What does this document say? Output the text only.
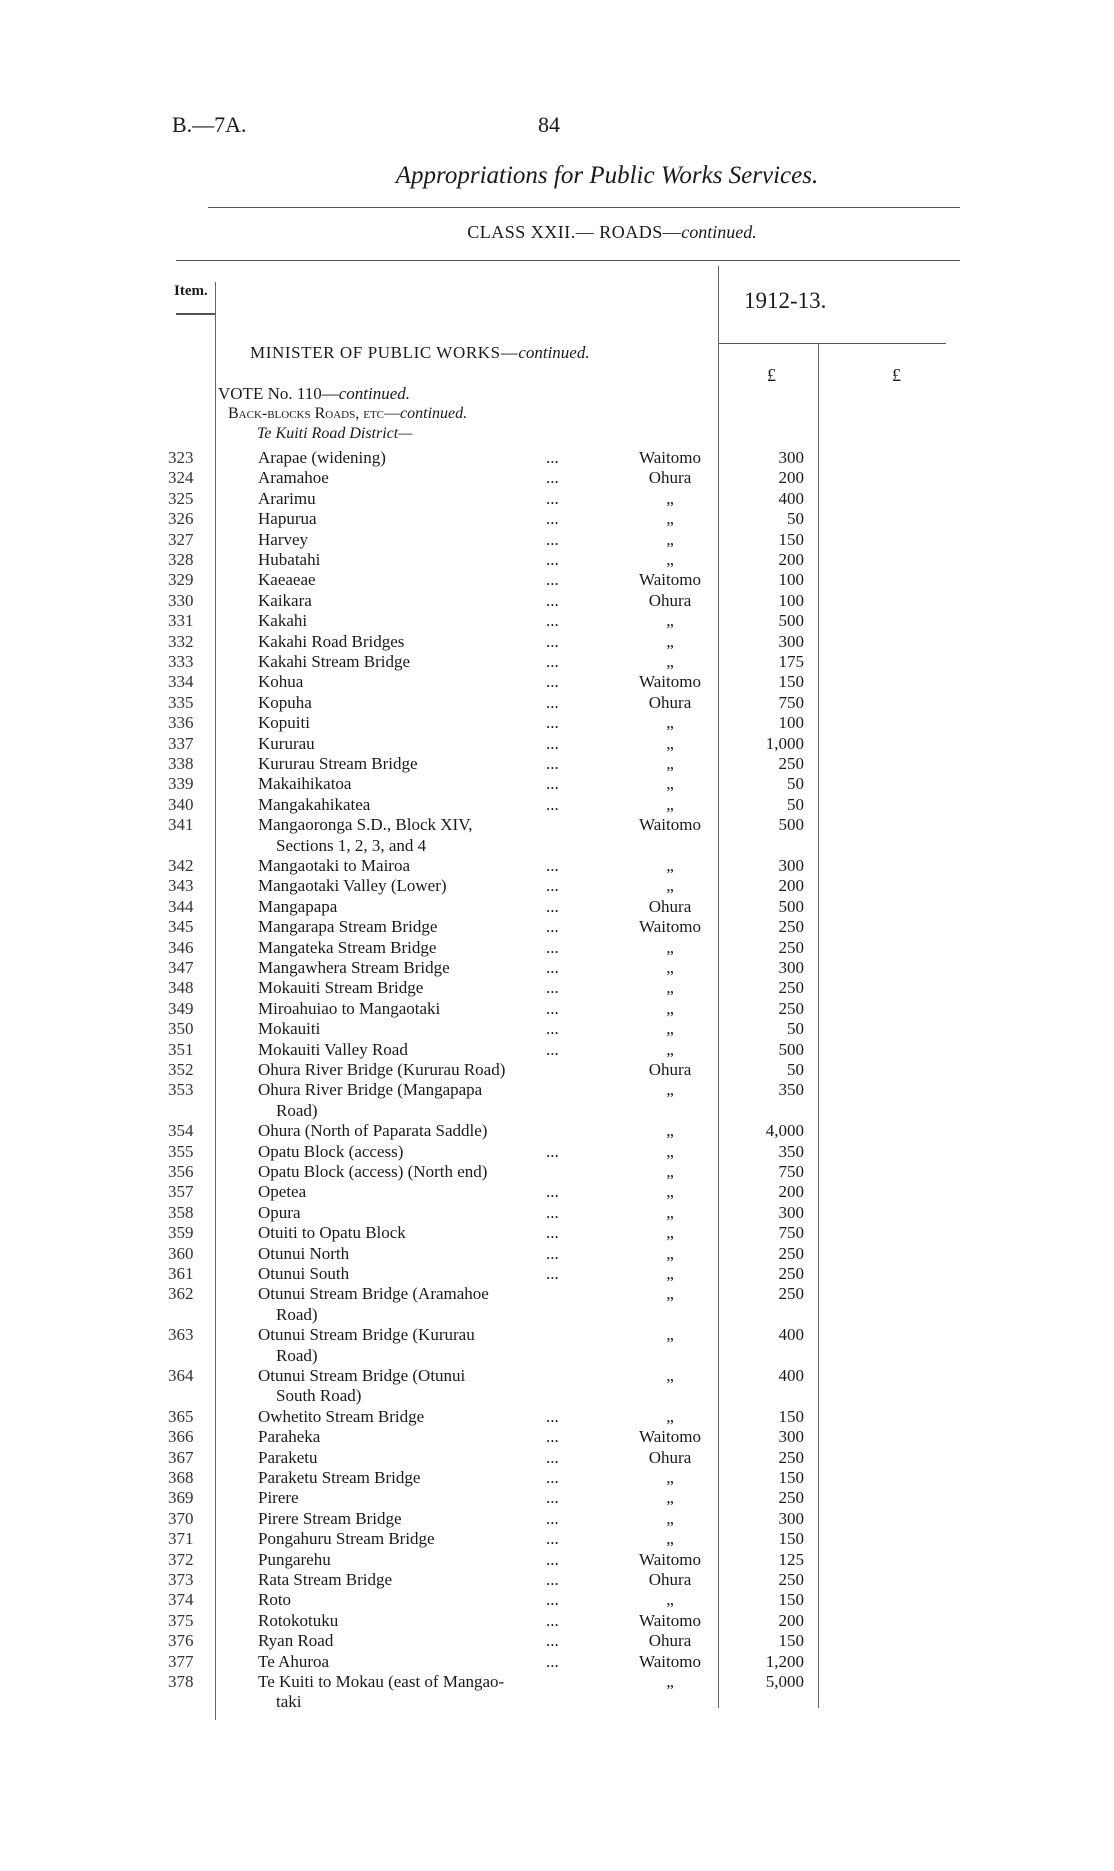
B.—7A.	84
Appropriations for Public Works Services.
CLASS XXII.— ROADS—continued.
Item.	1912-13.
MINISTER OF PUBLIC WORKS—continued.
£	£
VOTE No. 110—continued.
Back-blocks Roads, etc—continued.
Te Kuiti Road District—
323	Arapae (widening)	...	Waitomo	300
324	Aramahoe	...	Ohura	200
325	Ararimu	...	„	400
326	Hapurua	...	„	50
327	Harvey	...	„	150
328	Hubatahi	...	„	200
329	Kaeaeae	...	Waitomo	100
330	Kaikara	...	Ohura	100
331	Kakahi	...	„	500
332	Kakahi Road Bridges	...	„	300
333	Kakahi Stream Bridge	...	„	175
334	Kohua	...	Waitomo	150
335	Kopuha	...	Ohura	750
336	Kopuiti	...	„	100
337	Kururau	...	„	1,000
338	Kururau Stream Bridge	...	„	250
339	Makaihikatoa	...	„	50
340	Mangakahikatea	...	„	50
341	Mangaoronga S.D., Block XIV,	Waitomo	500
Sections 1, 2, 3, and 4
342	Mangaotaki to Mairoa	...	„	300
343	Mangaotaki Valley (Lower)	...	„	200
344	Mangapapa	...	Ohura	500
345	Mangarapa Stream Bridge	...	Waitomo	250
346	Mangateka Stream Bridge	...	„	250
347	Mangawhera Stream Bridge	...	„	300
348	Mokauiti Stream Bridge	...	„	250
349	Miroahuiao to Mangaotaki	...	„	250
350	Mokauiti	...	„	50
351	Mokauiti Valley Road	...	„	500
352	Ohura River Bridge (Kururau Road)	Ohura	50
353	Ohura River Bridge (Mangapapa	„	350
Road)
354	Ohura (North of Paparata Saddle)	„	4,000
355	Opatu Block (access)	...	„	350
356	Opatu Block (access) (North end)	„	750
357	Opetea	...	„	200
358	Opura	...	„	300
359	Otuiti to Opatu Block	...	„	750
360	Otunui North	...	„	250
361	Otunui South	...	„	250
362	Otunui Stream Bridge (Aramahoe	„	250
Road)
363	Otunui Stream Bridge (Kururau	„	400
Road)
364	Otunui Stream Bridge (Otunui	„	400
South Road)
365	Owhetito Stream Bridge	...	„	150
366	Paraheka	...	Waitomo	300
367	Paraketu	...	Ohura	250
368	Paraketu Stream Bridge	...	„	150
369	Pirere	...	„	250
370	Pirere Stream Bridge	...	„	300
371	Pongahuru Stream Bridge	...	„	150
372	Pungarehu	...	Waitomo	125
373	Rata Stream Bridge	...	Ohura	250
374	Roto	...	„	150
375	Rotokotuku	...	Waitomo	200
376	Ryan Road	...	Ohura	150
377	Te Ahuroa	...	Waitomo	1,200
378	Te Kuiti to Mokau (east of Mangao-	„	5,000
taki
